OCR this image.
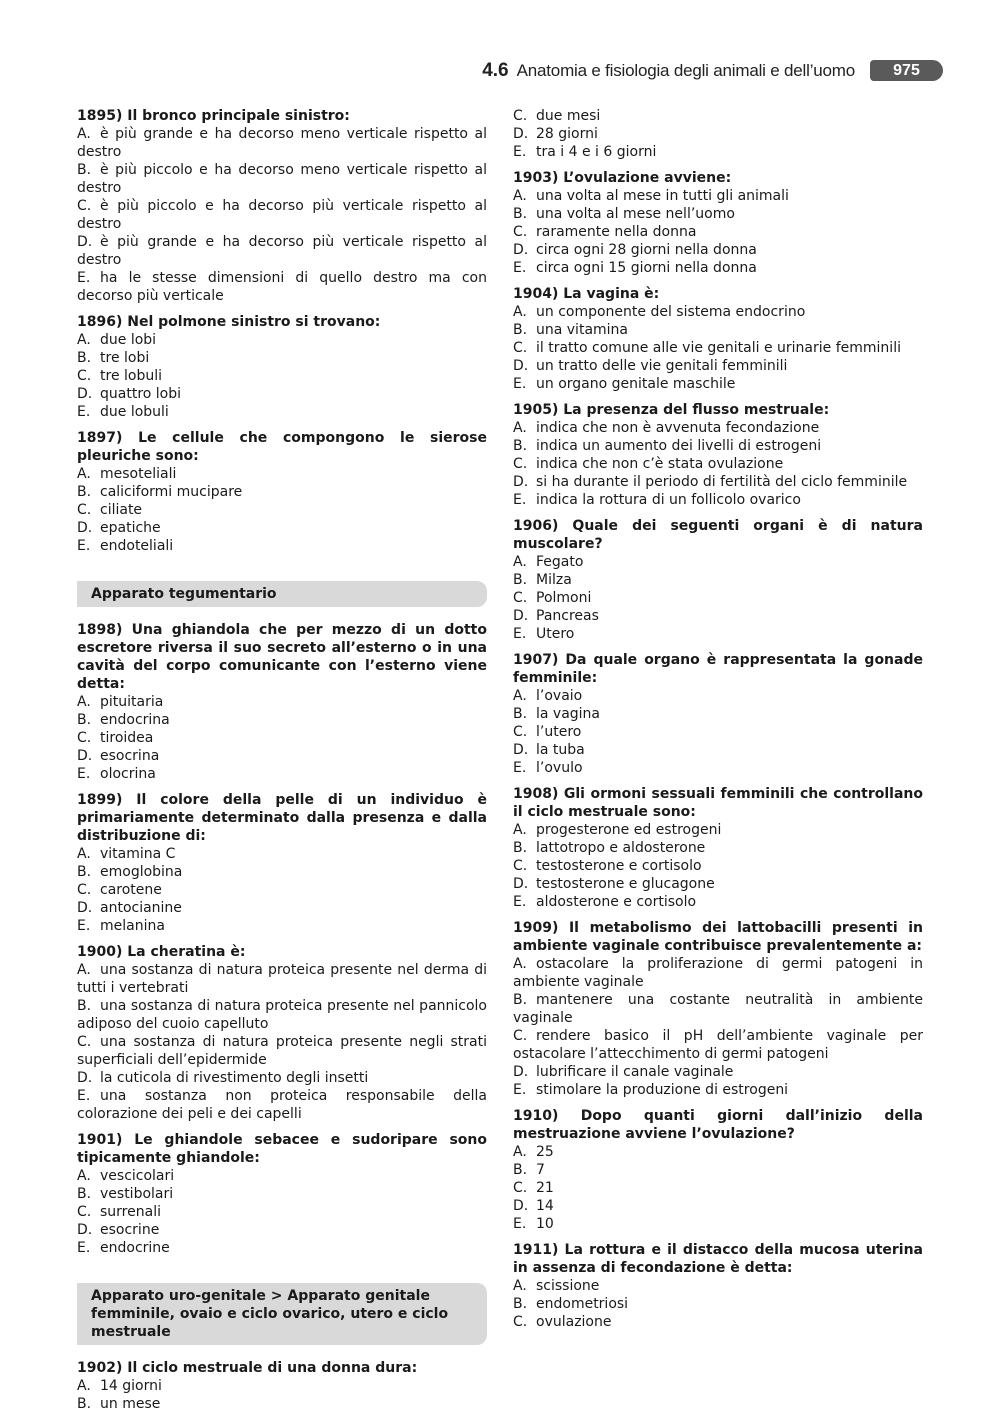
4.6 Anatomia e fisiologia degli animali e dell’uomo	975
1895) Il bronco principale sinistro:
A. è più grande e ha decorso meno verticale rispetto al destro
B. è più piccolo e ha decorso meno verticale rispetto al destro
C. è più piccolo e ha decorso più verticale rispetto al destro
D. è più grande e ha decorso più verticale rispetto al destro
E. ha le stesse dimensioni di quello destro ma con decorso più verticale
1896) Nel polmone sinistro si trovano:
A. due lobi
B. tre lobi
C. tre lobuli
D. quattro lobi
E. due lobuli
1897) Le cellule che compongono le sierose pleuriche sono:
A. mesoteliali
B. caliciformi mucipare
C. ciliate
D. epatiche
E. endoteliali
Apparato tegumentario
1898) Una ghiandola che per mezzo di un dotto escretore riversa il suo secreto all’esterno o in una cavità del corpo comunicante con l’esterno viene detta:
A. pituitaria
B. endocrina
C. tiroidea
D. esocrina
E. olocrina
1899) Il colore della pelle di un individuo è primariamente determinato dalla presenza e dalla distribuzione di:
A. vitamina C
B. emoglobina
C. carotene
D. antocianine
E. melanina
1900) La cheratina è:
A. una sostanza di natura proteica presente nel derma di tutti i vertebrati
B. una sostanza di natura proteica presente nel pannicolo adiposo del cuoio capelluto
C. una sostanza di natura proteica presente negli strati superficiali dell’epidermide
D. la cuticola di rivestimento degli insetti
E. una sostanza non proteica responsabile della colorazione dei peli e dei capelli
1901) Le ghiandole sebacee e sudoripare sono tipicamente ghiandole:
A. vescicolari
B. vestibolari
C. surrenali
D. esocrine
E. endocrine
Apparato uro-genitale > Apparato genitale femminile, ovaio e ciclo ovarico, utero e ciclo mestruale
1902) Il ciclo mestruale di una donna dura:
A. 14 giorni
B. un mese
C. due mesi
D. 28 giorni
E. tra i 4 e i 6 giorni
1903) L’ovulazione avviene:
A. una volta al mese in tutti gli animali
B. una volta al mese nell’uomo
C. raramente nella donna
D. circa ogni 28 giorni nella donna
E. circa ogni 15 giorni nella donna
1904) La vagina è:
A. un componente del sistema endocrino
B. una vitamina
C. il tratto comune alle vie genitali e urinarie femminili
D. un tratto delle vie genitali femminili
E. un organo genitale maschile
1905) La presenza del flusso mestruale:
A. indica che non è avvenuta fecondazione
B. indica un aumento dei livelli di estrogeni
C. indica che non c’è stata ovulazione
D. si ha durante il periodo di fertilità del ciclo femminile
E. indica la rottura di un follicolo ovarico
1906) Quale dei seguenti organi è di natura muscolare?
A. Fegato
B. Milza
C. Polmoni
D. Pancreas
E. Utero
1907) Da quale organo è rappresentata la gonade femminile:
A. l’ovaio
B. la vagina
C. l’utero
D. la tuba
E. l’ovulo
1908) Gli ormoni sessuali femminili che controllano il ciclo mestruale sono:
A. progesterone ed estrogeni
B. lattotropo e aldosterone
C. testosterone e cortisolo
D. testosterone e glucagone
E. aldosterone e cortisolo
1909) Il metabolismo dei lattobacilli presenti in ambiente vaginale contribuisce prevalentemente a:
A. ostacolare la proliferazione di germi patogeni in ambiente vaginale
B. mantenere una costante neutralità in ambiente vaginale
C. rendere basico il pH dell’ambiente vaginale per ostacolare l’attecchimento di germi patogeni
D. lubrificare il canale vaginale
E. stimolare la produzione di estrogeni
1910) Dopo quanti giorni dall’inizio della mestruazione avviene l’ovulazione?
A. 25
B. 7
C. 21
D. 14
E. 10
1911) La rottura e il distacco della mucosa uterina in assenza di fecondazione è detta:
A. scissione
B. endometriosi
C. ovulazione
